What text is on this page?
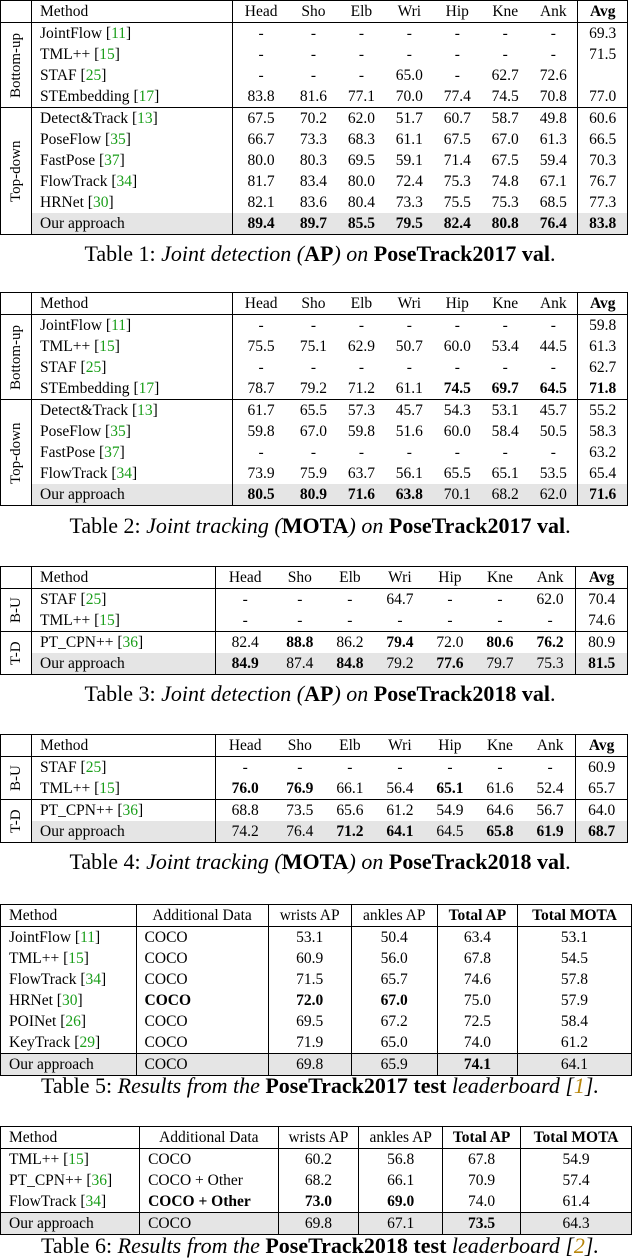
	Method	Head	Sho	Elb	Wri	Hip	Kne	Ank	Avg
Bottom-up	JointFlow [11]	-	-	-	-	-	-	-	69.3
	TML++ [15]	-	-	-	-	-	-	-	71.5
	STAF [25]	-	-	-	65.0	-	62.7	72.6	
	STEmbedding [17]	83.8	81.6	77.1	70.0	77.4	74.5	70.8	77.0
Top-down	Detect&Track [13]	67.5	70.2	62.0	51.7	60.7	58.7	49.8	60.6
	PoseFlow [35]	66.7	73.3	68.3	61.1	67.5	67.0	61.3	66.5
	FastPose [37]	80.0	80.3	69.5	59.1	71.4	67.5	59.4	70.3
	FlowTrack [34]	81.7	83.4	80.0	72.4	75.3	74.8	67.1	76.7
	HRNet [30]	82.1	83.6	80.4	73.3	75.5	75.3	68.5	77.3
	Our approach	89.4	89.7	85.5	79.5	82.4	80.8	76.4	83.8
Table 1: Joint detection (AP) on PoseTrack2017 val.
	Method	Head	Sho	Elb	Wri	Hip	Kne	Ank	Avg
Bottom-up	JointFlow [11]	-	-	-	-	-	-	-	59.8
	TML++ [15]	75.5	75.1	62.9	50.7	60.0	53.4	44.5	61.3
	STAF [25]	-	-	-	-	-	-	-	62.7
	STEmbedding [17]	78.7	79.2	71.2	61.1	74.5	69.7	64.5	71.8
Top-down	Detect&Track [13]	61.7	65.5	57.3	45.7	54.3	53.1	45.7	55.2
	PoseFlow [35]	59.8	67.0	59.8	51.6	60.0	58.4	50.5	58.3
	FastPose [37]	-	-	-	-	-	-	-	63.2
	FlowTrack [34]	73.9	75.9	63.7	56.1	65.5	65.1	53.5	65.4
	Our approach	80.5	80.9	71.6	63.8	70.1	68.2	62.0	71.6
Table 2: Joint tracking (MOTA) on PoseTrack2017 val.
	Method	Head	Sho	Elb	Wri	Hip	Kne	Ank	Avg
B-U	STAF [25]	-	-	-	64.7	-	-	62.0	70.4
	TML++ [15]	-	-	-	-	-	-	-	74.6
T-D	PT_CPN++ [36]	82.4	88.8	86.2	79.4	72.0	80.6	76.2	80.9
	Our approach	84.9	87.4	84.8	79.2	77.6	79.7	75.3	81.5
Table 3: Joint detection (AP) on PoseTrack2018 val.
	Method	Head	Sho	Elb	Wri	Hip	Kne	Ank	Avg
B-U	STAF [25]	-	-	-	-	-	-	-	60.9
	TML++ [15]	76.0	76.9	66.1	56.4	65.1	61.6	52.4	65.7
T-D	PT_CPN++ [36]	68.8	73.5	65.6	61.2	54.9	64.6	56.7	64.0
	Our approach	74.2	76.4	71.2	64.1	64.5	65.8	61.9	68.7
Table 4: Joint tracking (MOTA) on PoseTrack2018 val.
Method	Additional Data	wrists AP	ankles AP	Total AP	Total MOTA
JointFlow [11]	COCO	53.1	50.4	63.4	53.1
TML++ [15]	COCO	60.9	56.0	67.8	54.5
FlowTrack [34]	COCO	71.5	65.7	74.6	57.8
HRNet [30]	COCO	72.0	67.0	75.0	57.9
POINet [26]	COCO	69.5	67.2	72.5	58.4
KeyTrack [29]	COCO	71.9	65.0	74.0	61.2
Our approach	COCO	69.8	65.9	74.1	64.1
Table 5: Results from the PoseTrack2017 test leaderboard [1].
Method	Additional Data	wrists AP	ankles AP	Total AP	Total MOTA
TML++ [15]	COCO	60.2	56.8	67.8	54.9
PT_CPN++ [36]	COCO + Other	68.2	66.1	70.9	57.4
FlowTrack [34]	COCO + Other	73.0	69.0	74.0	61.4
Our approach	COCO	69.8	67.1	73.5	64.3
Table 6: Results from the PoseTrack2018 test leaderboard [2].
